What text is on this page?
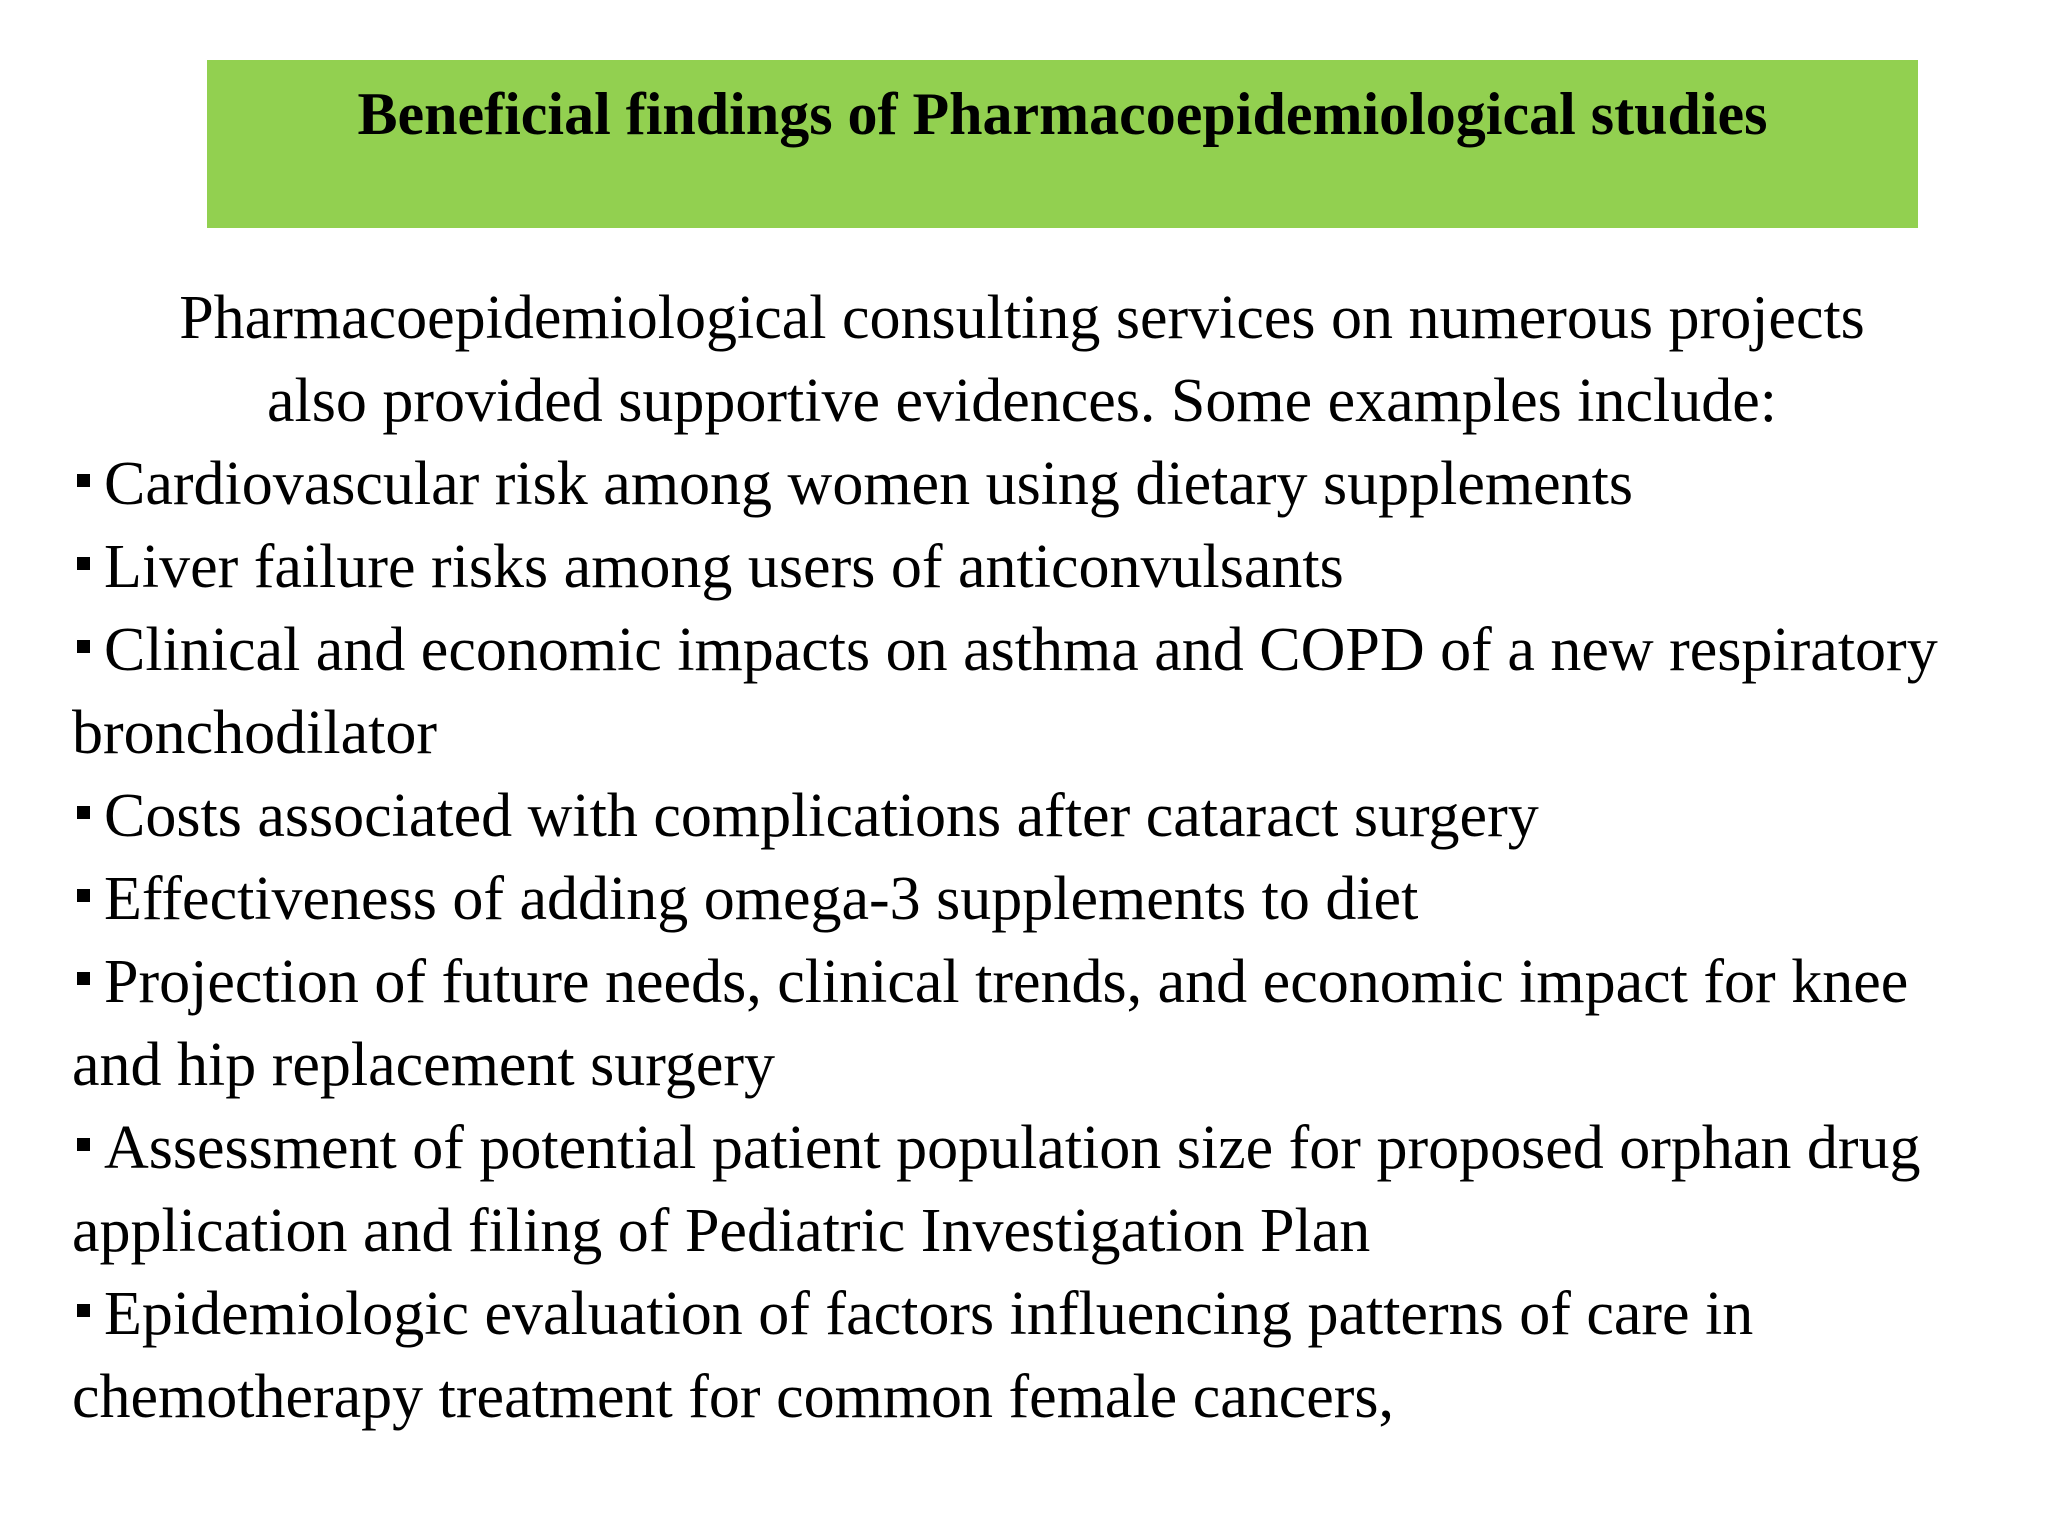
Beneficial findings of Pharmacoepidemiological studies

Pharmacoepidemiological consulting services on numerous projects
also provided supportive evidences. Some examples include:

Cardiovascular risk among women using dietary supplements
Liver failure risks among users of anticonvulsants
Clinical and economic impacts on asthma and COPD of a new respiratory bronchodilator
Costs associated with complications after cataract surgery
Effectiveness of adding omega-3 supplements to diet
Projection of future needs, clinical trends, and economic impact for knee and hip replacement surgery
Assessment of potential patient population size for proposed orphan drug application and filing of Pediatric Investigation Plan
Epidemiologic evaluation of factors influencing patterns of care in chemotherapy treatment for common female cancers,
